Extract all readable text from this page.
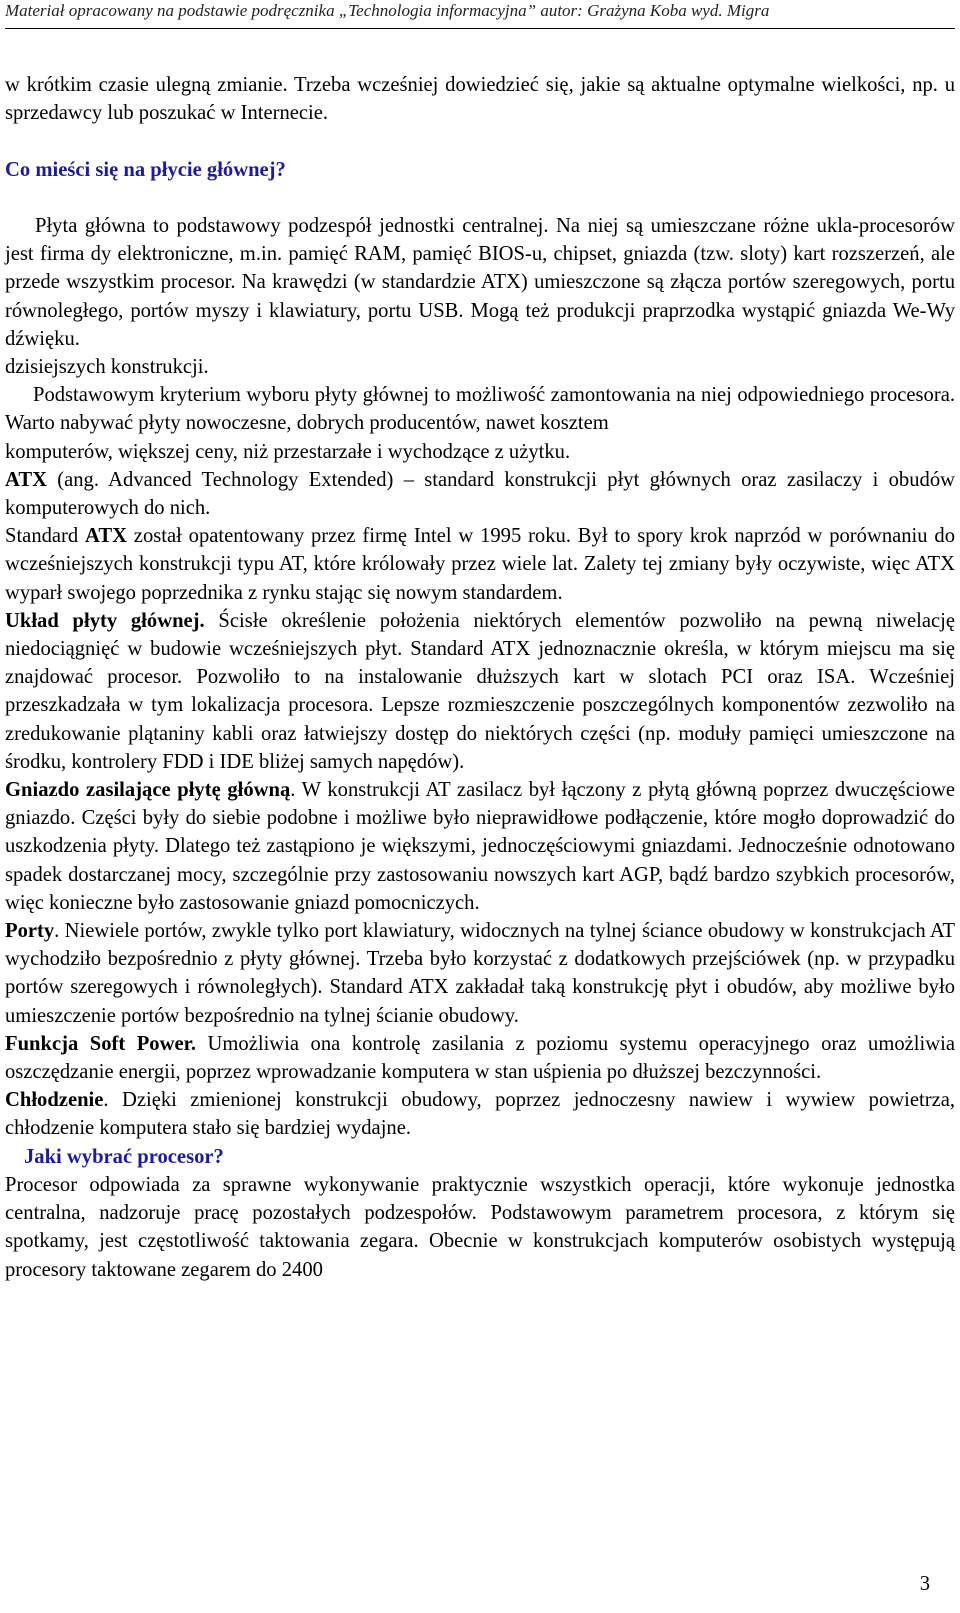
Materiał opracowany na podstawie podręcznika „Technologia informacyjna” autor: Grażyna Koba wyd. Migra

w krótkim czasie ulegną zmianie. Trzeba wcześniej dowiedzieć się, jakie są aktualne optymalne wielkości, np. u sprzedawcy lub poszukać w Internecie.

Co mieści się na płycie głównej?

Płyta główna to podstawowy podzespół jednostki centralnej. Na niej są umieszczane różne ukla-procesorów jest firma dy elektroniczne, m.in. pamięć RAM, pamięć BIOS-u, chipset, gniazda (tzw. sloty) kart rozszerzeń, ale przede wszystkim procesor. Na krawędzi (w standardzie ATX) umieszczone są złącza portów szeregowych, portu równoległego, portów myszy i klawiatury, portu USB. Mogą też produkcji praprzodka wystąpić gniazda We-Wy dźwięku.

dzisiejszych konstrukcji.

Podstawowym kryterium wyboru płyty głównej to możliwość zamontowania na niej odpowiedniego procesora. Warto nabywać płyty nowoczesne, dobrych producentów, nawet kosztem

komputerów, większej ceny, niż przestarzałe i wychodzące z użytku.

ATX (ang. Advanced Technology Extended) – standard konstrukcji płyt głównych oraz zasilaczy i obudów komputerowych do nich.

Standard ATX został opatentowany przez firmę Intel w 1995 roku. Był to spory krok naprzód w porównaniu do wcześniejszych konstrukcji typu AT, które królowały przez wiele lat. Zalety tej zmiany były oczywiste, więc ATX wyparł swojego poprzednika z rynku stając się nowym standardem.

Układ płyty głównej. Ścisłe określenie położenia niektórych elementów pozwoliło na pewną niwelację niedociągnięć w budowie wcześniejszych płyt. Standard ATX jednoznacznie określa, w którym miejscu ma się znajdować procesor. Pozwoliło to na instalowanie dłuższych kart w slotach PCI oraz ISA. Wcześniej przeszkadzała w tym lokalizacja procesora. Lepsze rozmieszczenie poszczególnych komponentów zezwoliło na zredukowanie plątaniny kabli oraz łatwiejszy dostęp do niektórych części (np. moduły pamięci umieszczone na środku, kontrolery FDD i IDE bliżej samych napędów).

Gniazdo zasilające płytę główną. W konstrukcji AT zasilacz był łączony z płytą główną poprzez dwuczęściowe gniazdo. Części były do siebie podobne i możliwe było nieprawidłowe podłączenie, które mogło doprowadzić do uszkodzenia płyty. Dlatego też zastąpiono je większymi, jednoczęściowymi gniazdami. Jednocześnie odnotowano spadek dostarczanej mocy, szczególnie przy zastosowaniu nowszych kart AGP, bądź bardzo szybkich procesorów, więc konieczne było zastosowanie gniazd pomocniczych.

Porty. Niewiele portów, zwykle tylko port klawiatury, widocznych na tylnej ściance obudowy w konstrukcjach AT wychodziło bezpośrednio z płyty głównej. Trzeba było korzystać z dodatkowych przejściówek (np. w przypadku portów szeregowych i równoległych). Standard ATX zakładał taką konstrukcję płyt i obudów, aby możliwe było umieszczenie portów bezpośrednio na tylnej ścianie obudowy.

Funkcja Soft Power. Umożliwia ona kontrolę zasilania z poziomu systemu operacyjnego oraz umożliwia oszczędzanie energii, poprzez wprowadzanie komputera w stan uśpienia po dłuższej bezczynności.

Chłodzenie. Dzięki zmienionej konstrukcji obudowy, poprzez jednoczesny nawiew i wywiew powietrza, chłodzenie komputera stało się bardziej wydajne.

Jaki wybrać procesor?

Procesor odpowiada za sprawne wykonywanie praktycznie wszystkich operacji, które wykonuje jednostka centralna, nadzoruje pracę pozostałych podzespołów. Podstawowym parametrem procesora, z którym się spotkamy, jest częstotliwość taktowania zegara. Obecnie w konstrukcjach komputerów osobistych występują procesory taktowane zegarem do 2400

3
